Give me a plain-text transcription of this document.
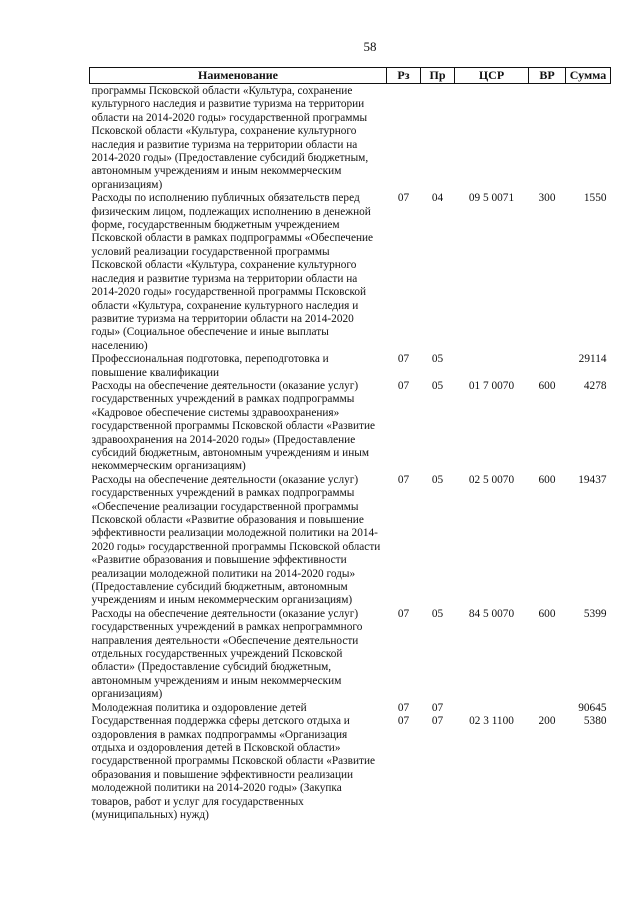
58
Наименование	Рз	Пр	ЦСР	ВР	Сумма
программы Псковской области «Культура, сохранение культурного наследия и развитие туризма на территории области на 2014-2020 годы» государственной программы Псковской области «Культура, сохранение культурного наследия и развитие туризма на территории области на 2014-2020 годы» (Предоставление субсидий бюджетным, автономным учреждениям и иным некоммерческим организациям)					
Расходы по исполнению публичных обязательств перед физическим лицом, подлежащих исполнению в денежной форме, государственным бюджетным учреждением Псковской области в рамках подпрограммы «Обеспечение условий реализации государственной программы Псковской области «Культура, сохранение культурного наследия и развитие туризма на территории области на 2014-2020 годы» государственной программы Псковской области «Культура, сохранение культурного наследия и развитие туризма на территории области на 2014-2020 годы» (Социальное обеспечение и иные выплаты населению)	07	04	09 5 0071	300	1550
Профессиональная подготовка, переподготовка и повышение квалификации	07	05			29114
Расходы на обеспечение деятельности (оказание услуг) государственных учреждений в рамках подпрограммы «Кадровое обеспечение системы здравоохранения» государственной программы Псковской области «Развитие здравоохранения на 2014-2020 годы» (Предоставление субсидий бюджетным, автономным учреждениям и иным некоммерческим организациям)	07	05	01 7 0070	600	4278
Расходы на обеспечение деятельности (оказание услуг) государственных учреждений в рамках подпрограммы «Обеспечение реализации государственной программы Псковской области «Развитие образования и повышение эффективности реализации молодежной политики на 2014-2020 годы» государственной программы Псковской области «Развитие образования и повышение эффективности реализации молодежной политики на 2014-2020 годы» (Предоставление субсидий бюджетным, автономным учреждениям и иным некоммерческим организациям)	07	05	02 5 0070	600	19437
Расходы на обеспечение деятельности (оказание услуг) государственных учреждений в рамках непрограммного направления деятельности «Обеспечение деятельности отдельных государственных учреждений Псковской области» (Предоставление субсидий бюджетным, автономным учреждениям и иным некоммерческим организациям)	07	05	84 5 0070	600	5399
Молодежная политика и оздоровление детей	07	07			90645
Государственная поддержка сферы детского отдыха и оздоровления в рамках подпрограммы «Организация отдыха и оздоровления детей в Псковской области» государственной программы Псковской области «Развитие образования и повышение эффективности реализации молодежной политики на 2014-2020 годы» (Закупка товаров, работ и услуг для государственных (муниципальных) нужд)	07	07	02 3 1100	200	5380
